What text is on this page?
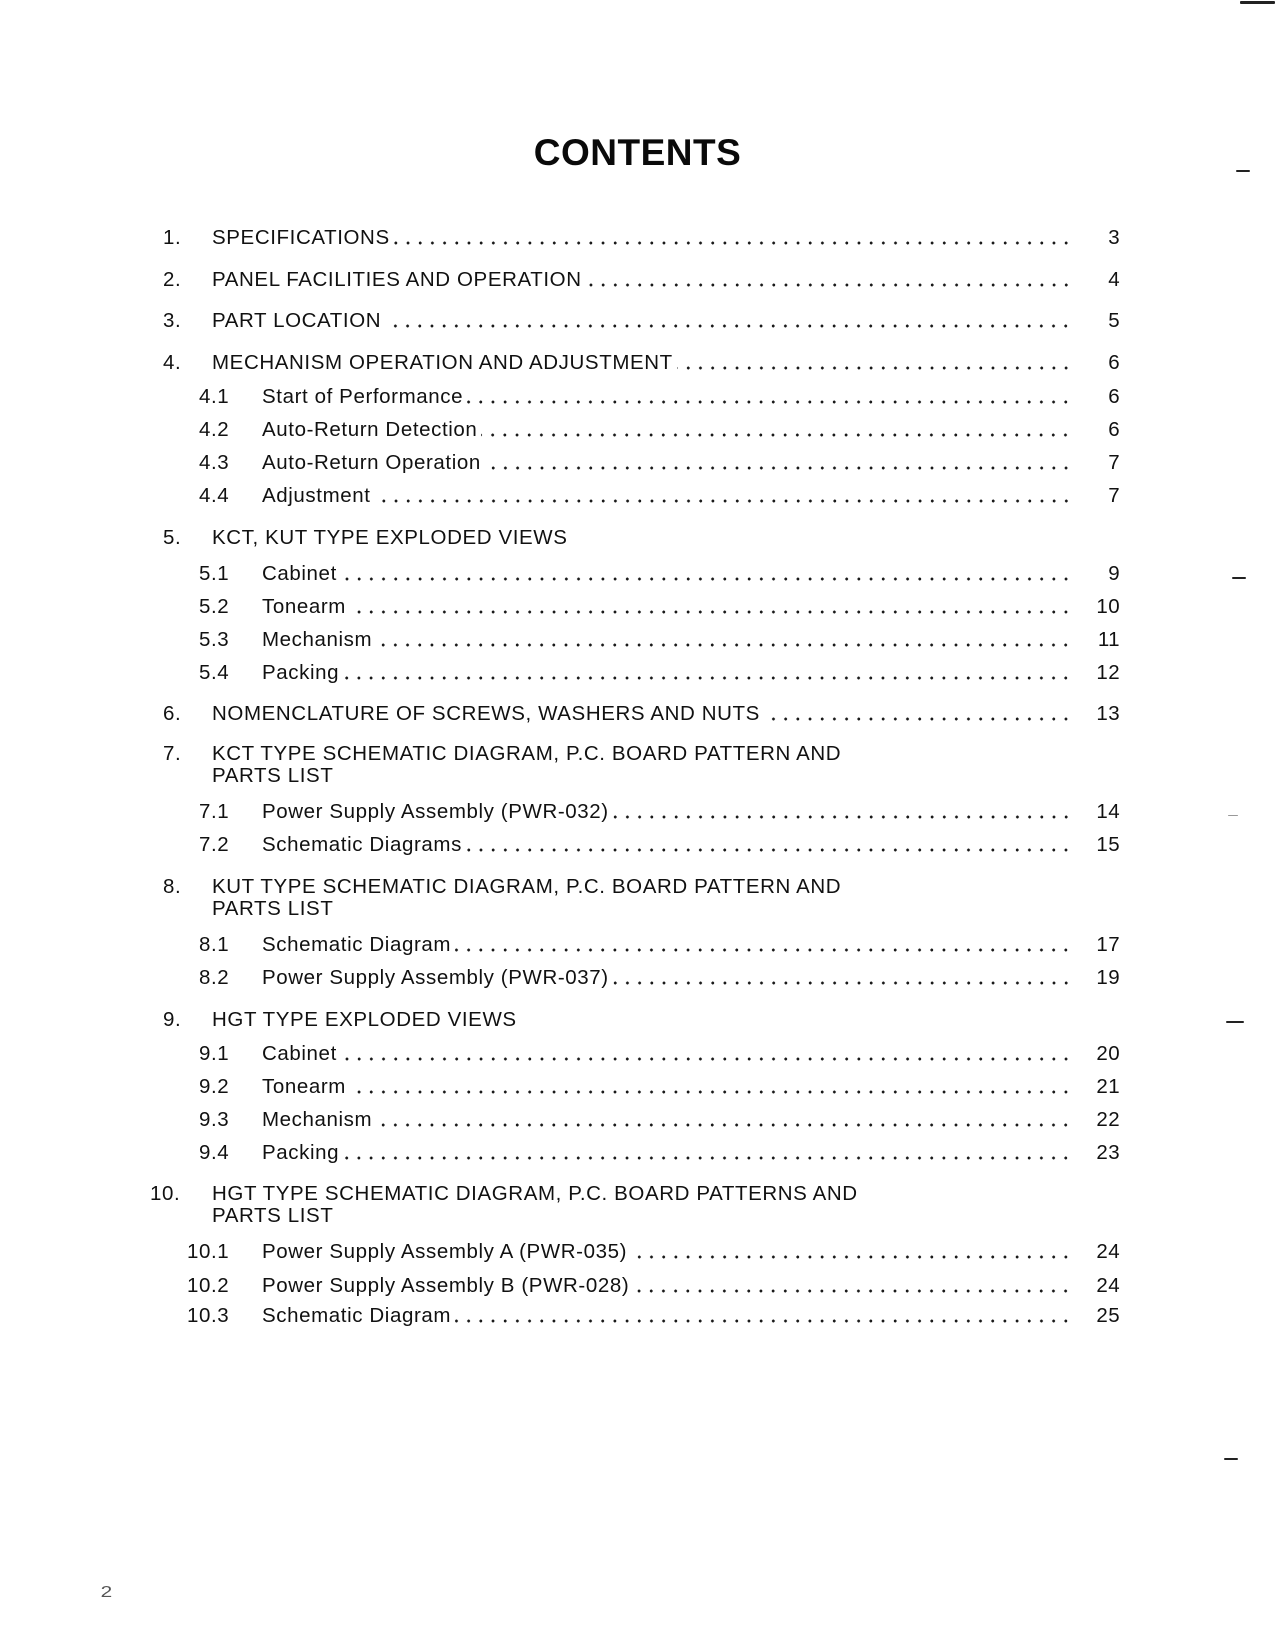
CONTENTS
1. SPECIFICATIONS	3
2. PANEL FACILITIES AND OPERATION	4
3. PART LOCATION	5
4. MECHANISM OPERATION AND ADJUSTMENT	6
4.1 Start of Performance	6
4.2 Auto-Return Detection	6
4.3 Auto-Return Operation	7
4.4 Adjustment	7
5. KCT, KUT TYPE EXPLODED VIEWS
5.1 Cabinet	9
5.2 Tonearm	10
5.3 Mechanism	11
5.4 Packing	12
6. NOMENCLATURE OF SCREWS, WASHERS AND NUTS	13
7. KCT TYPE SCHEMATIC DIAGRAM, P.C. BOARD PATTERN AND
PARTS LIST
7.1 Power Supply Assembly (PWR-032)	14
7.2 Schematic Diagrams	15
8. KUT TYPE SCHEMATIC DIAGRAM, P.C. BOARD PATTERN AND
PARTS LIST
8.1 Schematic Diagram	17
8.2 Power Supply Assembly (PWR-037)	19
9. HGT TYPE EXPLODED VIEWS
9.1 Cabinet	20
9.2 Tonearm	21
9.3 Mechanism	22
9.4 Packing	23
10. HGT TYPE SCHEMATIC DIAGRAM, P.C. BOARD PATTERNS AND
PARTS LIST
10.1 Power Supply Assembly A (PWR-035)	24
10.2 Power Supply Assembly B (PWR-028)	24
10.3 Schematic Diagram	25
2
